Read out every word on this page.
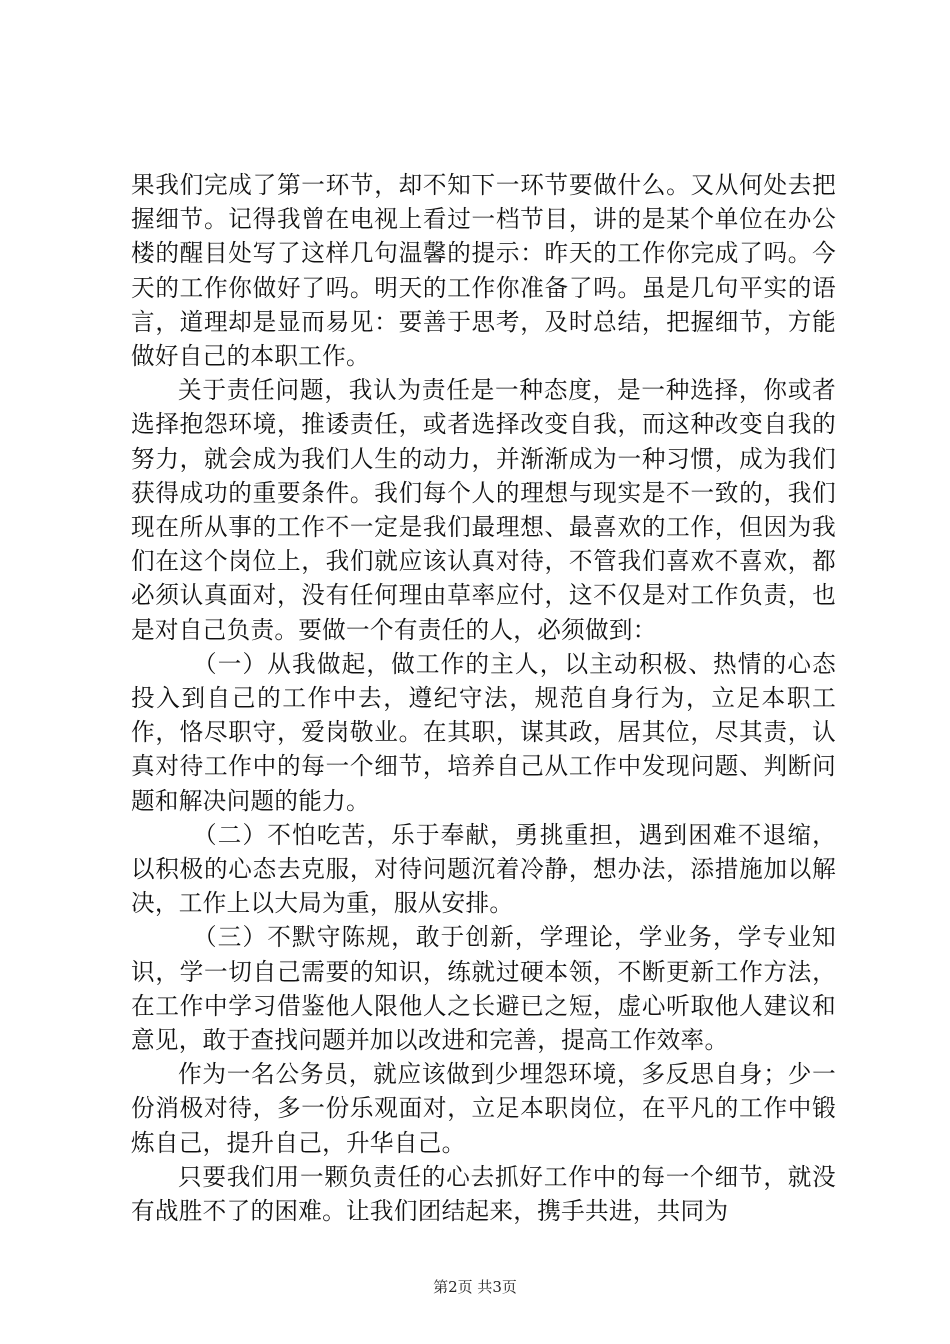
果我们完成了第一环节，却不知下一环节要做什么。又从何处去把握细节。记得我曾在电视上看过一档节目，讲的是某个单位在办公楼的醒目处写了这样几句温馨的提示：昨天的工作你完成了吗。今天的工作你做好了吗。明天的工作你准备了吗。虽是几句平实的语言，道理却是显而易见：要善于思考，及时总结，把握细节，方能做好自己的本职工作。

关于责任问题，我认为责任是一种态度，是一种选择，你或者选择抱怨环境，推诿责任，或者选择改变自我，而这种改变自我的努力，就会成为我们人生的动力，并渐渐成为一种习惯，成为我们获得成功的重要条件。我们每个人的理想与现实是不一致的，我们现在所从事的工作不一定是我们最理想、最喜欢的工作，但因为我们在这个岗位上，我们就应该认真对待，不管我们喜欢不喜欢，都必须认真面对，没有任何理由草率应付，这不仅是对工作负责，也是对自己负责。要做一个有责任的人，必须做到：

（一）从我做起，做工作的主人，以主动积极、热情的心态投入到自己的工作中去，遵纪守法，规范自身行为，立足本职工作，恪尽职守，爱岗敬业。在其职，谋其政，居其位，尽其责，认真对待工作中的每一个细节，培养自己从工作中发现问题、判断问题和解决问题的能力。

（二）不怕吃苦，乐于奉献，勇挑重担，遇到困难不退缩，以积极的心态去克服，对待问题沉着冷静，想办法，添措施加以解决，工作上以大局为重，服从安排。

（三）不默守陈规，敢于创新，学理论，学业务，学专业知识，学一切自己需要的知识，练就过硬本领，不断更新工作方法，在工作中学习借鉴他人限他人之长避已之短，虚心听取他人建议和意见，敢于查找问题并加以改进和完善，提高工作效率。

作为一名公务员，就应该做到少埋怨环境，多反思自身；少一份消极对待，多一份乐观面对，立足本职岗位，在平凡的工作中锻炼自己，提升自己，升华自己。

只要我们用一颗负责任的心去抓好工作中的每一个细节，就没有战胜不了的困难。让我们团结起来，携手共进，共同为

第2页 共3页
